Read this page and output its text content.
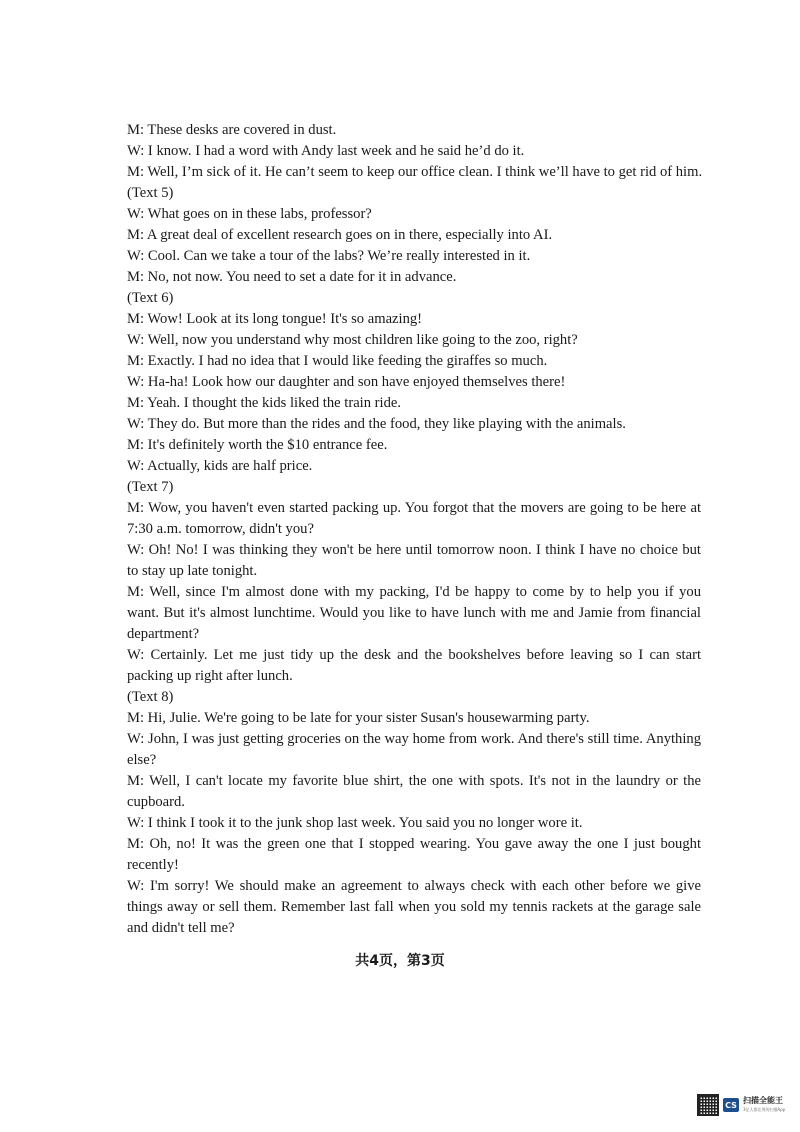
M: These desks are covered in dust.
W: I know. I had a word with Andy last week and he said he’d do it.
M: Well, I’m sick of it. He can’t seem to keep our office clean. I think we’ll have to get rid of him.
(Text 5)
W: What goes on in these labs, professor?
M: A great deal of excellent research goes on in there, especially into AI.
W: Cool. Can we take a tour of the labs? We’re really interested in it.
M: No, not now. You need to set a date for it in advance.
(Text 6)
M: Wow! Look at its long tongue! It's so amazing!
W: Well, now you understand why most children like going to the zoo, right?
M: Exactly. I had no idea that I would like feeding the giraffes so much.
W: Ha-ha! Look how our daughter and son have enjoyed themselves there!
M: Yeah. I thought the kids liked the train ride.
W: They do. But more than the rides and the food, they like playing with the animals.
M: It's definitely worth the $10 entrance fee.
W: Actually, kids are half price.
(Text 7)
M: Wow, you haven't even started packing up. You forgot that the movers are going to be here at 7:30 a.m. tomorrow, didn't you?
W: Oh! No! I was thinking they won't be here until tomorrow noon. I think I have no choice but to stay up late tonight.
M: Well, since I'm almost done with my packing, I'd be happy to come by to help you if you want. But it's almost lunchtime. Would you like to have lunch with me and Jamie from financial department?
W: Certainly. Let me just tidy up the desk and the bookshelves before leaving so I can start packing up right after lunch.
(Text 8)
M: Hi, Julie. We're going to be late for your sister Susan's housewarming party.
W: John, I was just getting groceries on the way home from work. And there's still time. Anything else?
M: Well, I can't locate my favorite blue shirt, the one with spots. It's not in the laundry or the cupboard.
W: I think I took it to the junk shop last week. You said you no longer wore it.
M: Oh, no! It was the green one that I stopped wearing. You gave away the one I just bought recently!
W: I'm sorry! We should make an agreement to always check with each other before we give things away or sell them. Remember last fall when you sold my tennis rackets at the garage sale and didn't tell me?
共4页，第3页
CS 扫描全能王
3亿人都在用的扫描App
